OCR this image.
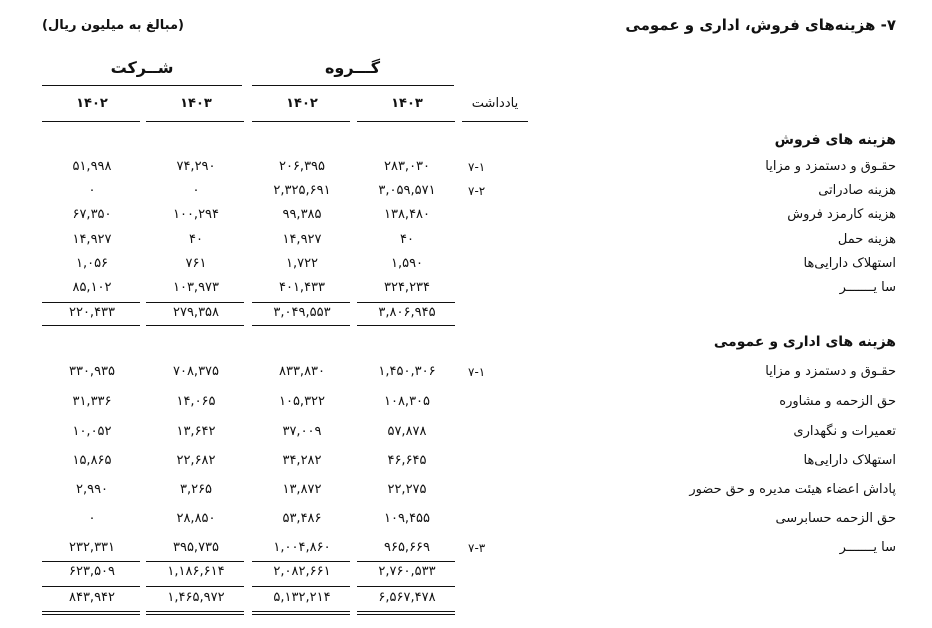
۷- هزینه‌های فروش، اداری و عمومی
(مبالغ به میلیون ریال)
گـــروه
شــرکت
۱۴۰۳
۱۴۰۲
۱۴۰۳
۱۴۰۲	یادداشت
هزینه های فروش
حقـوق و دستمزد و مزایا
۷-۱
۲۸۳,۰۳۰
۲۰۶,۳۹۵
۷۴,۲۹۰
۵۱,۹۹۸
هزینه صادراتی
۷-۲
۳,۰۵۹,۵۷۱
۲,۳۲۵,۶۹۱
۰
۰
هزینه کارمزد فروش
۱۳۸,۴۸۰
۹۹,۳۸۵
۱۰۰,۲۹۴
۶۷,۳۵۰
هزینه حمل
۴۰
۱۴,۹۲۷
۴۰
۱۴,۹۲۷
استهلاک دارایی‌ها
۱,۵۹۰
۱,۷۲۲
۷۶۱
۱,۰۵۶
سا یـــــــر
۳۲۴,۲۳۴
۴۰۱,۴۳۳
۱۰۳,۹۷۳
۸۵,۱۰۲
۳,۸۰۶,۹۴۵
۳,۰۴۹,۵۵۳
۲۷۹,۳۵۸
۲۲۰,۴۳۳
هزینه های اداری و عمومی
حقـوق و دستمزد و مزایا
۷-۱
۱,۴۵۰,۳۰۶
۸۳۳,۸۳۰
۷۰۸,۳۷۵
۳۳۰,۹۳۵
حق الزحمه و مشاوره
۱۰۸,۳۰۵
۱۰۵,۳۲۲
۱۴,۰۶۵
۳۱,۳۳۶
تعمیرات و نگهداری
۵۷,۸۷۸
۳۷,۰۰۹
۱۳,۶۴۲
۱۰,۰۵۲
استهلاک دارایی‌ها
۴۶,۶۴۵
۳۴,۲۸۲
۲۲,۶۸۲
۱۵,۸۶۵
پاداش اعضاء هیئت مدیره و حق حضور
۲۲,۲۷۵
۱۳,۸۷۲
۳,۲۶۵
۲,۹۹۰
حق الزحمه حسابرسی
۱۰۹,۴۵۵
۵۳,۴۸۶
۲۸,۸۵۰
۰
سا یـــــــر
۷-۳
۹۶۵,۶۶۹
۱,۰۰۴,۸۶۰
۳۹۵,۷۳۵
۲۳۲,۳۳۱
۲,۷۶۰,۵۳۳
۲,۰۸۲,۶۶۱
۱,۱۸۶,۶۱۴
۶۲۳,۵۰۹
۶,۵۶۷,۴۷۸
۵,۱۳۲,۲۱۴
۱,۴۶۵,۹۷۲
۸۴۳,۹۴۲
